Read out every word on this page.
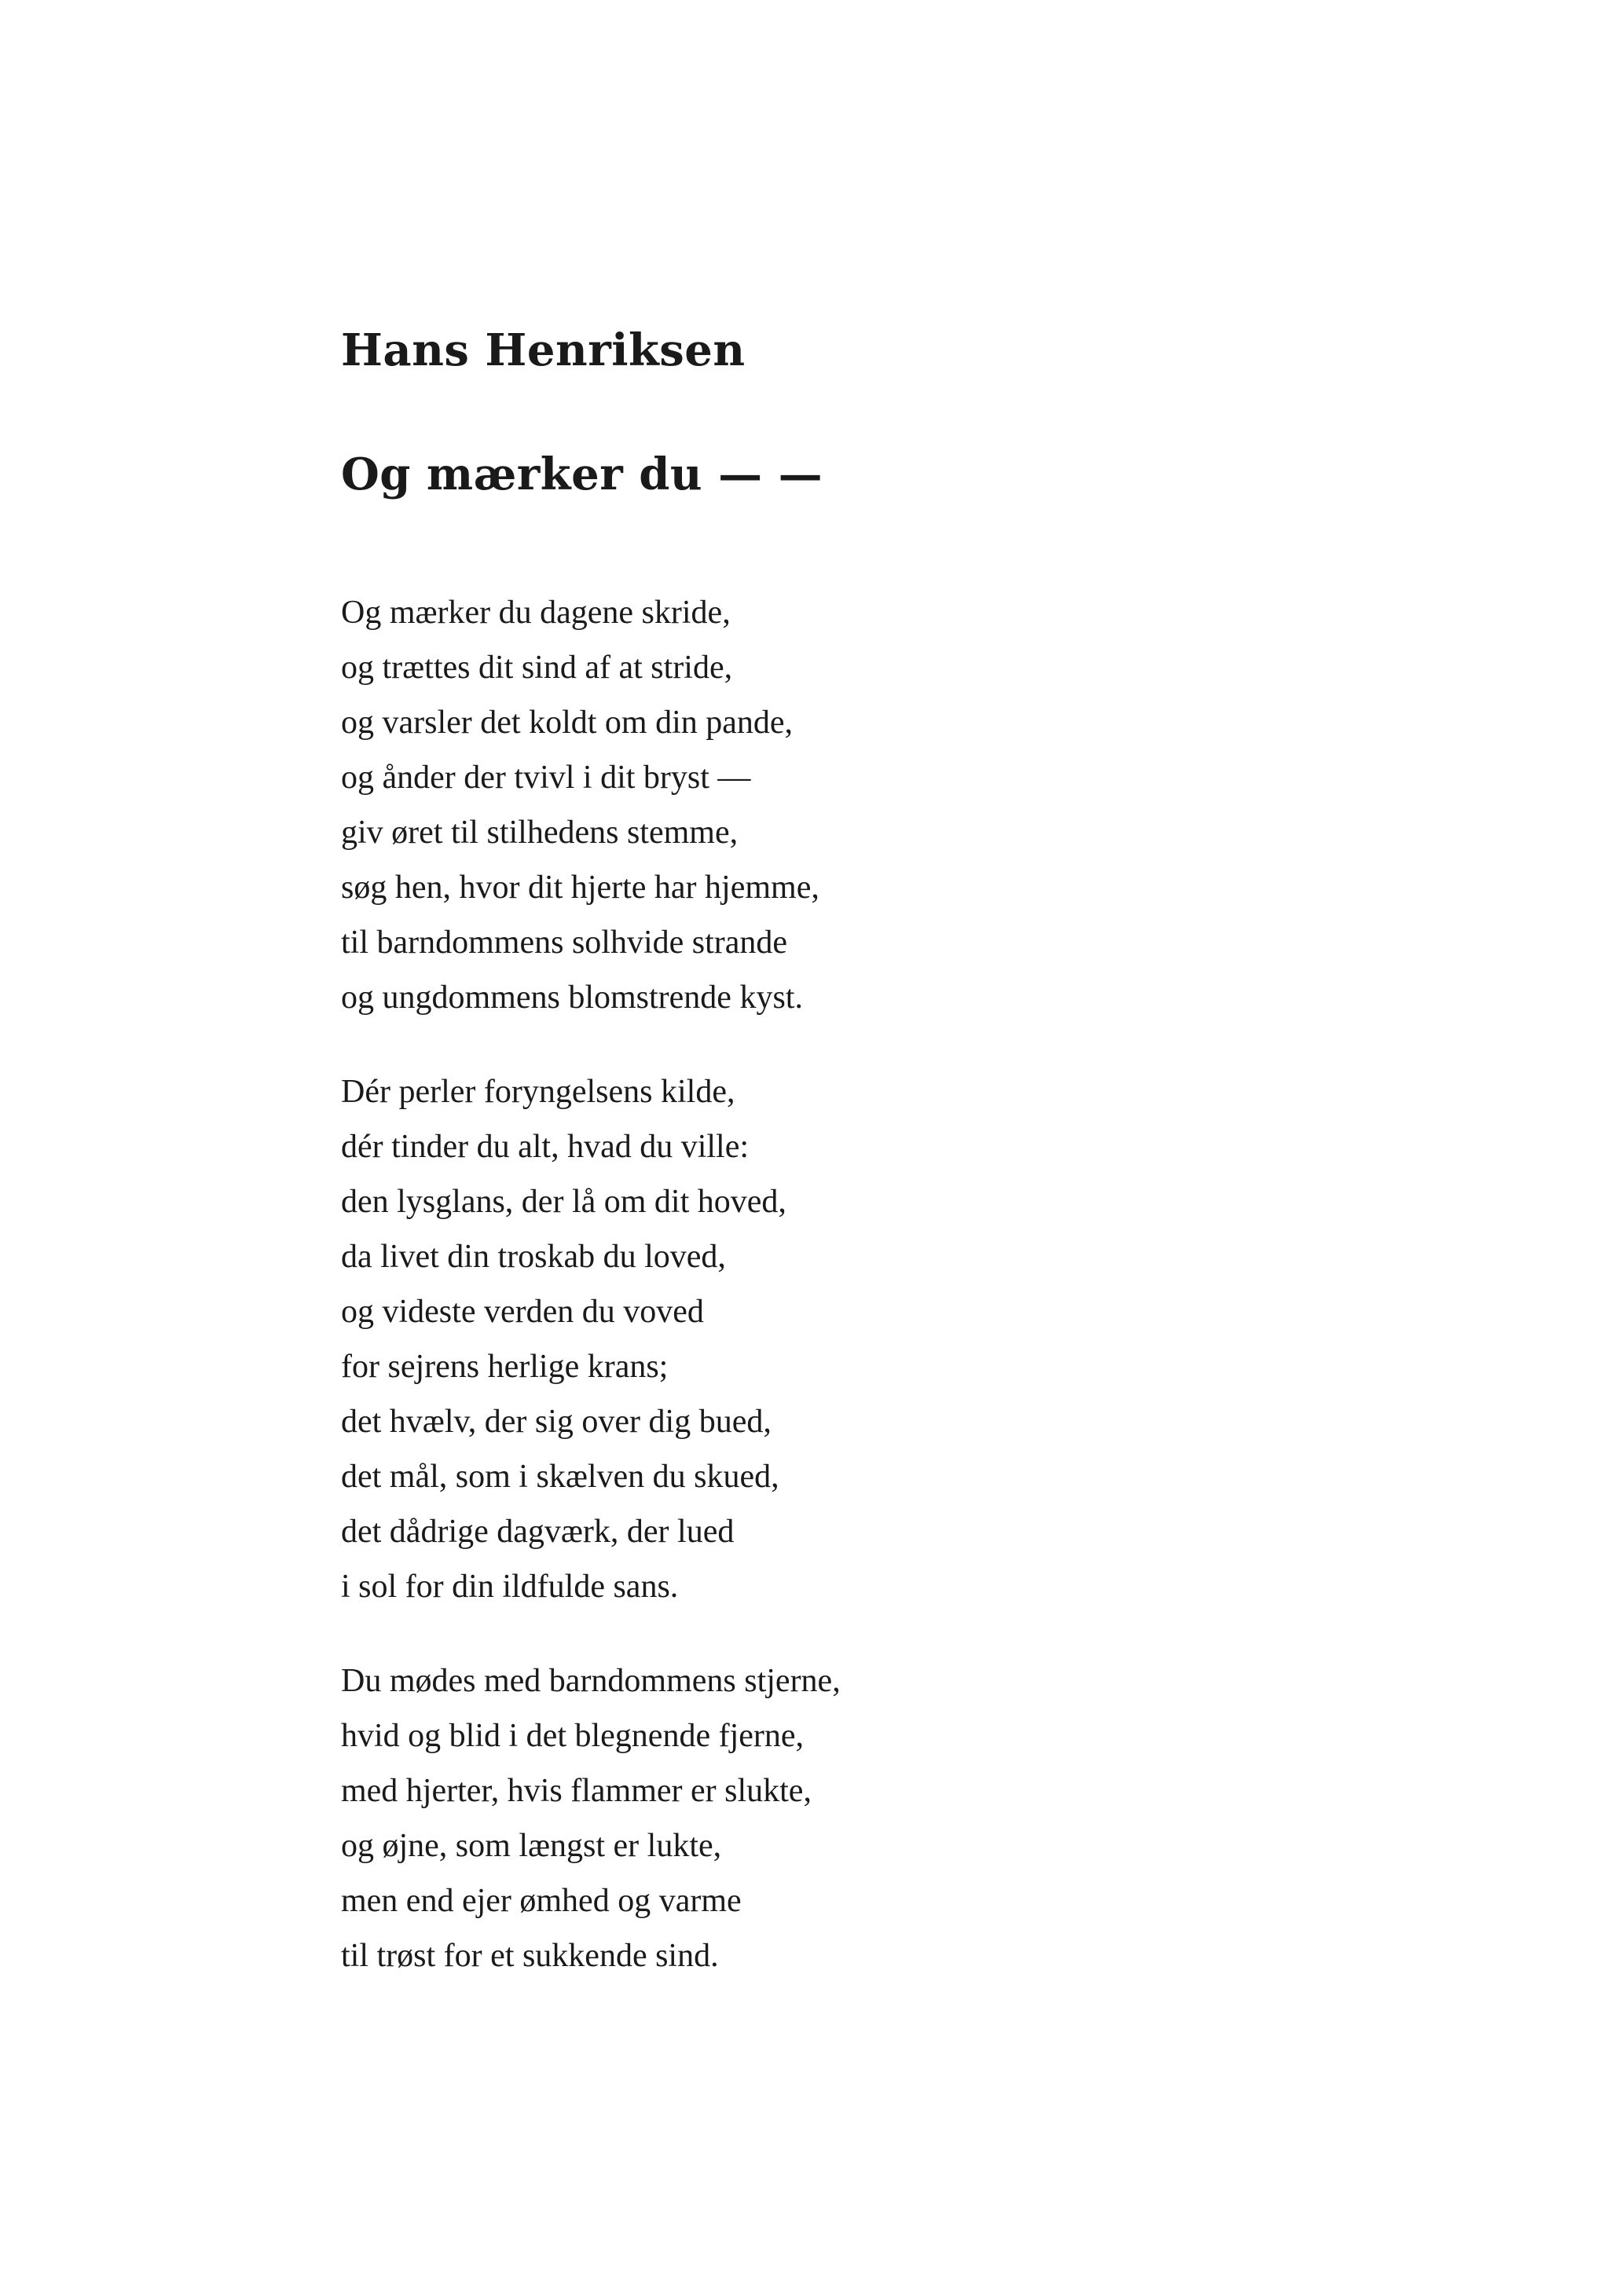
Hans Henriksen
Og mærker du — —
Og mærker du dagene skride,
og trættes dit sind af at stride,
og varsler det koldt om din pande,
og ånder der tvivl i dit bryst —
giv øret til stilhedens stemme,
søg hen, hvor dit hjerte har hjemme,
til barndommens solhvide strande
og ungdommens blomstrende kyst.
Dér perler foryngelsens kilde,
dér tinder du alt, hvad du ville:
den lysglans, der lå om dit hoved,
da livet din troskab du loved,
og videste verden du voved
for sejrens herlige krans;
det hvælv, der sig over dig bued,
det mål, som i skælven du skued,
det dådrige dagværk, der lued
i sol for din ildfulde sans.
Du mødes med barndommens stjerne,
hvid og blid i det blegnende fjerne,
med hjerter, hvis flammer er slukte,
og øjne, som længst er lukte,
men end ejer ømhed og varme
til trøst for et sukkende sind.
